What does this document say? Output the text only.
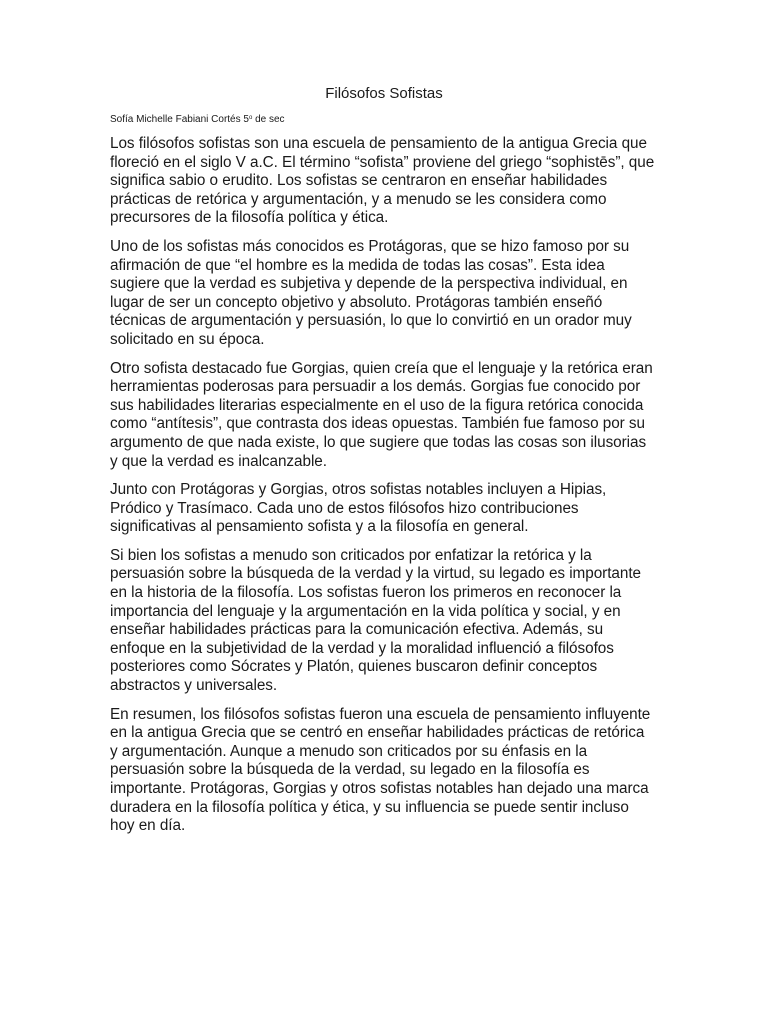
Filósofos Sofistas

Sofía Michelle Fabiani Cortés 5$^o$ de sec

Los filósofos sofistas son una escuela de pensamiento de la antigua Grecia que floreció en el siglo V a.C. El término “sofista” proviene del griego “sophistēs”, que significa sabio o erudito. Los sofistas se centraron en enseñar habilidades prácticas de retórica y argumentación, y a menudo se les considera como precursores de la filosofía política y ética.

Uno de los sofistas más conocidos es Protágoras, que se hizo famoso por su afirmación de que “el hombre es la medida de todas las cosas”. Esta idea sugiere que la verdad es subjetiva y depende de la perspectiva individual, en lugar de ser un concepto objetivo y absoluto. Protágoras también enseñó técnicas de argumentación y persuasión, lo que lo convirtió en un orador muy solicitado en su época.

Otro sofista destacado fue Gorgias, quien creía que el lenguaje y la retórica eran herramientas poderosas para persuadir a los demás. Gorgias fue conocido por sus habilidades literarias especialmente en el uso de la figura retórica conocida como “antítesis”, que contrasta dos ideas opuestas. También fue famoso por su argumento de que nada existe, lo que sugiere que todas las cosas son ilusorias y que la verdad es inalcanzable.

Junto con Protágoras y Gorgias, otros sofistas notables incluyen a Hipias, Pródico y Trasímaco. Cada uno de estos filósofos hizo contribuciones significativas al pensamiento sofista y a la filosofía en general.

Si bien los sofistas a menudo son criticados por enfatizar la retórica y la persuasión sobre la búsqueda de la verdad y la virtud, su legado es importante en la historia de la filosofía. Los sofistas fueron los primeros en reconocer la importancia del lenguaje y la argumentación en la vida política y social, y en enseñar habilidades prácticas para la comunicación efectiva. Además, su enfoque en la subjetividad de la verdad y la moralidad influenció a filósofos posteriores como Sócrates y Platón, quienes buscaron definir conceptos abstractos y universales.

En resumen, los filósofos sofistas fueron una escuela de pensamiento influyente en la antigua Grecia que se centró en enseñar habilidades prácticas de retórica y argumentación. Aunque a menudo son criticados por su énfasis en la persuasión sobre la búsqueda de la verdad, su legado en la filosofía es importante. Protágoras, Gorgias y otros sofistas notables han dejado una marca duradera en la filosofía política y ética, y su influencia se puede sentir incluso hoy en día.
